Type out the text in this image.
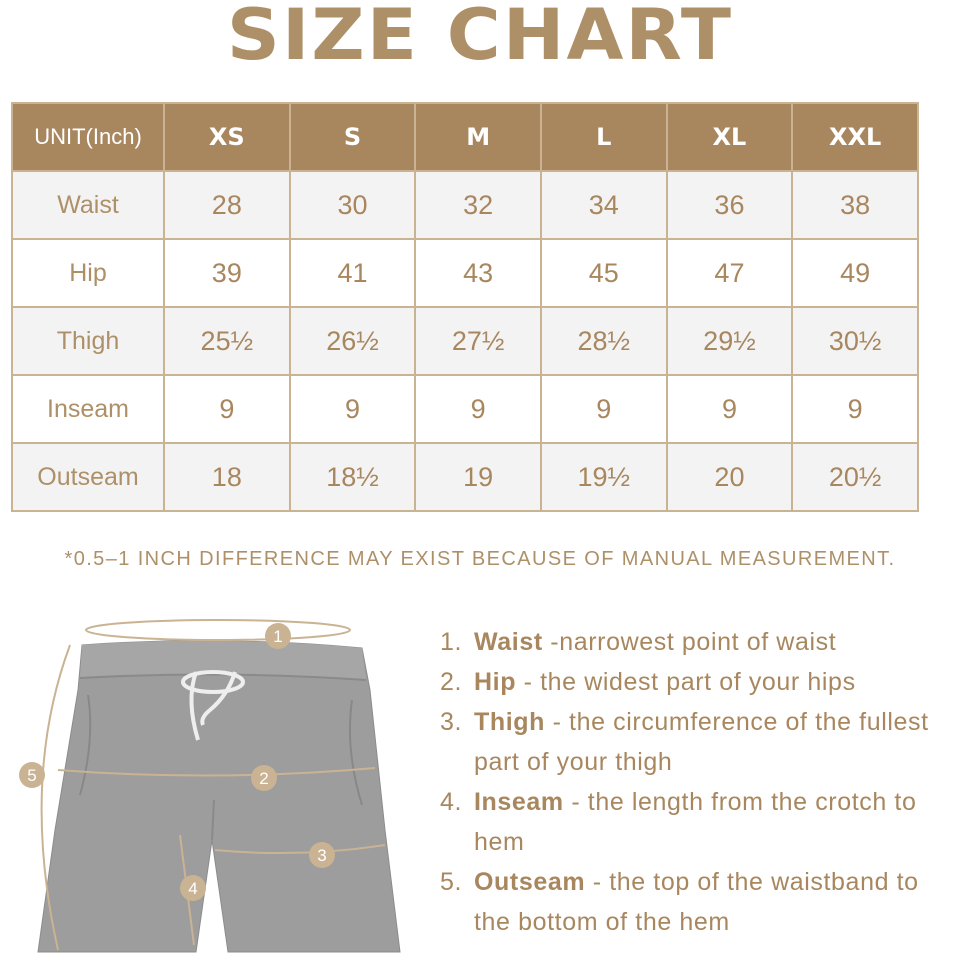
SIZE CHART
UNIT(Inch)	XS	S	M	L	XL	XXL
Waist	28	30	32	34	36	38
Hip	39	41	43	45	47	49
Thigh	25½	26½	27½	28½	29½	30½
Inseam	9	9	9	9	9	9
Outseam	18	18½	19	19½	20	20½
*0.5–1 INCH DIFFERENCE MAY EXIST BECAUSE OF MANUAL MEASUREMENT.
1
2
3
4
5
1. Waist -narrowest point of waist
2. Hip - the widest part of your hips
3. Thigh - the circumference of the fullest part of your thigh
4. Inseam - the length from the crotch to hem
5. Outseam - the top of the waistband to the bottom of the hem
